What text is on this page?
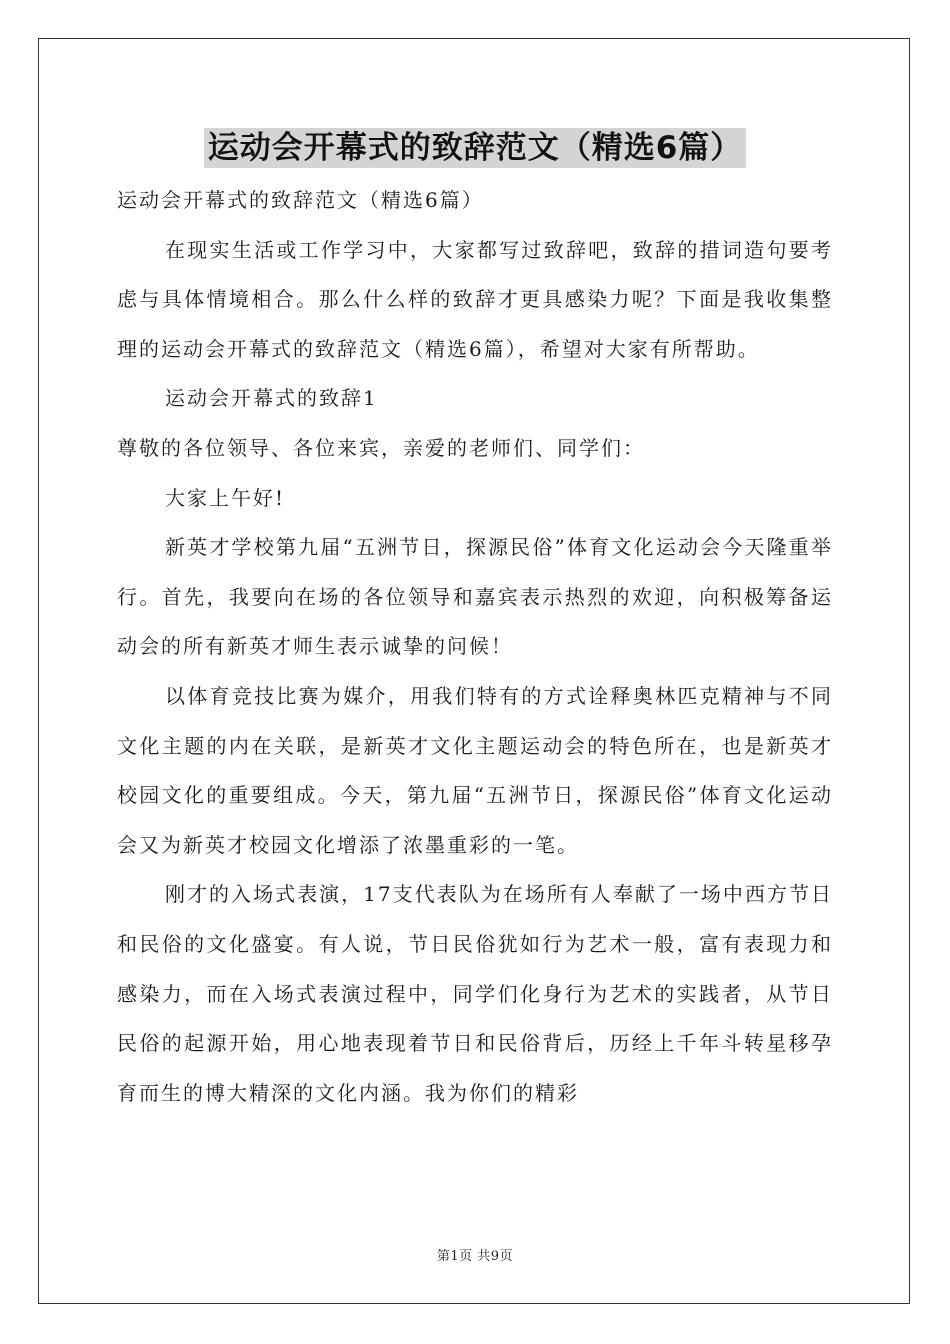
运动会开幕式的致辞范文（精选6篇）

运动会开幕式的致辞范文（精选6篇）

在现实生活或工作学习中，大家都写过致辞吧，致辞的措词造句要考虑与具体情境相合。那么什么样的致辞才更具感染力呢？下面是我收集整理的运动会开幕式的致辞范文（精选6篇），希望对大家有所帮助。

运动会开幕式的致辞1

尊敬的各位领导、各位来宾，亲爱的老师们、同学们：

大家上午好!

新英才学校第九届“五洲节日，探源民俗”体育文化运动会今天隆重举行。首先，我要向在场的各位领导和嘉宾表示热烈的欢迎，向积极筹备运动会的所有新英才师生表示诚挚的问候！

以体育竞技比赛为媒介，用我们特有的方式诠释奥林匹克精神与不同文化主题的内在关联，是新英才文化主题运动会的特色所在，也是新英才校园文化的重要组成。今天，第九届“五洲节日，探源民俗”体育文化运动会又为新英才校园文化增添了浓墨重彩的一笔。

刚才的入场式表演，17支代表队为在场所有人奉献了一场中西方节日和民俗的文化盛宴。有人说，节日民俗犹如行为艺术一般，富有表现力和感染力，而在入场式表演过程中，同学们化身行为艺术的实践者，从节日民俗的起源开始，用心地表现着节日和民俗背后，历经上千年斗转星移孕育而生的博大精深的文化内涵。我为你们的精彩

第1页 共9页
